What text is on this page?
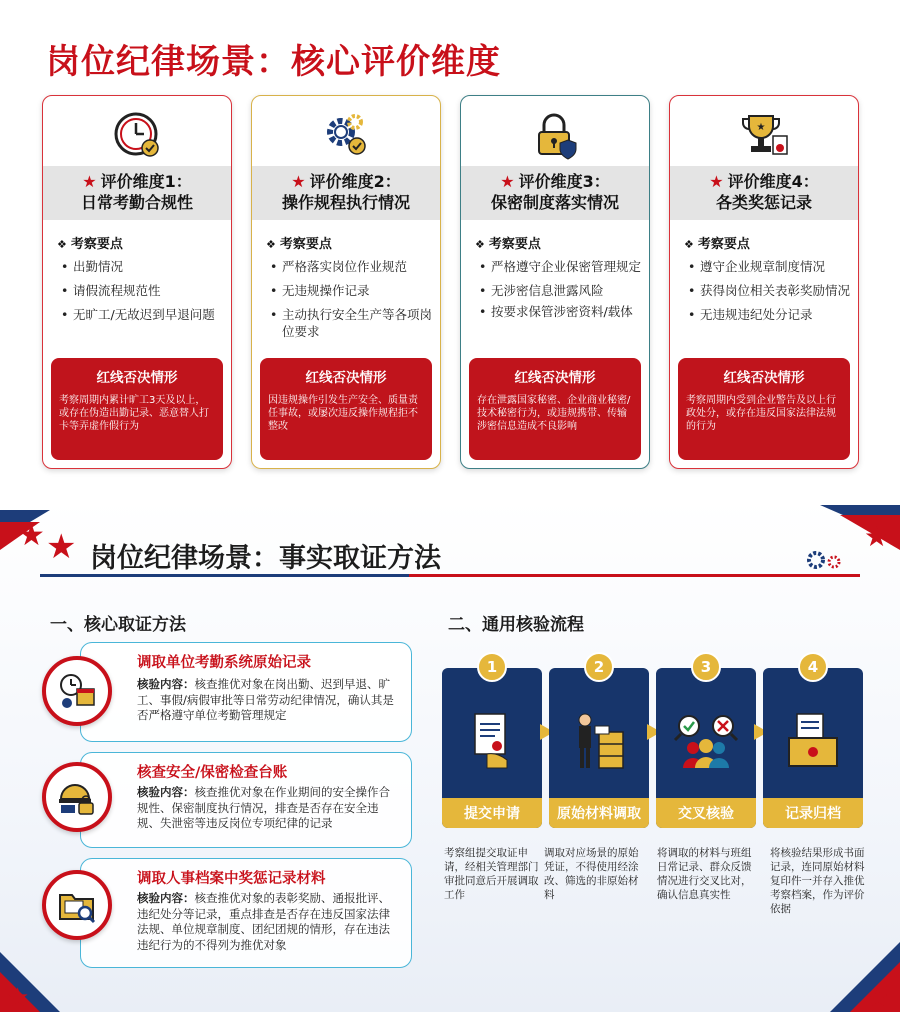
岗位纪律场景：核心评价维度
★ 评价维度1：
日常考勤合规性
❖ 考察要点
• 出勤情况
• 请假流程规范性
• 无旷工/无故迟到早退问题
红线否决情形
考察周期内累计旷工3天及以上，或存在伪造出勤记录、恶意替人打卡等弄虚作假行为
★ 评价维度2：
操作规程执行情况
❖ 考察要点
• 严格落实岗位作业规范
• 无违规操作记录
• 主动执行安全生产等各项岗位要求
红线否决情形
因违规操作引发生产安全、质量责任事故，或屡次违反操作规程拒不整改
★ 评价维度3：
保密制度落实情况
❖ 考察要点
• 严格遵守企业保密管理规定
• 无涉密信息泄露风险
• 按要求保管涉密资料/载体
红线否决情形
存在泄露国家秘密、企业商业秘密/技术秘密行为，或违规携带、传输涉密信息造成不良影响
★
★ 评价维度4：
各类奖惩记录
❖ 考察要点
• 遵守企业规章制度情况
• 获得岗位相关表彰奖励情况
• 无违规违纪处分记录
红线否决情形
考察周期内受到企业警告及以上行政处分，或存在违反国家法律法规的行为
★	★
★	★
★ 岗位纪律场景：事实取证方法
一、核心取证方法	二、通用核验流程
调取单位考勤系统原始记录
核验内容：核查推优对象在岗出勤、迟到早退、旷工、事假/病假审批等日常劳动纪律情况，确认其是否严格遵守单位考勤管理规定
核查安全/保密检查台账
核验内容：核查推优对象在作业期间的安全操作合规性、保密制度执行情况，排查是否存在安全违规、失泄密等违反岗位专项纪律的记录
调取人事档案中奖惩记录材料
核验内容：核查推优对象的表彰奖励、通报批评、违纪处分等记录，重点排查是否存在违反国家法律法规、单位规章制度、团纪团规的情形，存在违法违纪行为的不得列为推优对象
1
提交申请
考察组提交取证申请，经相关管理部门审批同意后开展调取工作
2
原始材料调取
调取对应场景的原始凭证，不得使用经涂改、筛选的非原始材料
3
交叉核验
将调取的材料与班组日常记录、群众反馈情况进行交叉比对，确认信息真实性
4
记录归档
将核验结果形成书面记录，连同原始材料复印件一并存入推优考察档案，作为评价依据
